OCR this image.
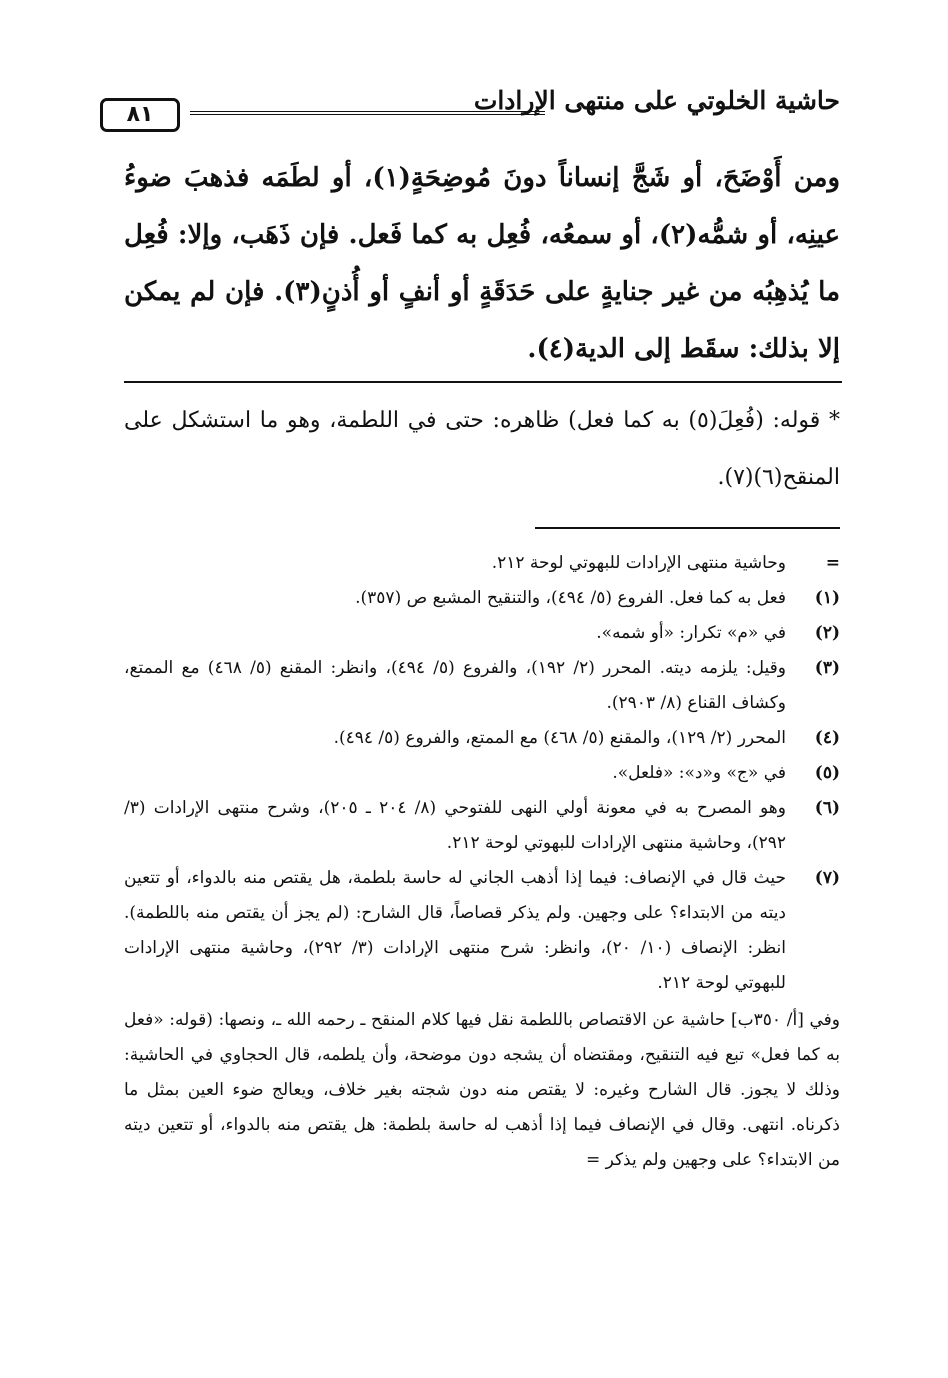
حاشية الخلوتي على منتهى الإرادات
٨١
ومن أَوْضَحَ، أو شَجَّ إنساناً دونَ مُوضِحَةٍ(١)، أو لطَمَه فذهبَ ضوءُ عينِه، أو شمُّه(٢)، أو سمعُه، فُعِل به كما فَعل. فإن ذَهَب، وإلا: فُعِل ما يُذهِبُه من غير جنايةٍ على حَدَقَةٍ أو أنفٍ أو أُذنٍ(٣). فإن لم يمكن إلا بذلك: سقَط إلى الدية(٤).
* قوله: (فُعِلَ(٥) به كما فعل) ظاهره: حتى في اللطمة، وهو ما استشكل على المنقح(٦)(٧).
=
وحاشية منتهى الإرادات للبهوتي لوحة ٢١٢.
(١)
فعل به كما فعل. الفروع (٥/ ٤٩٤)، والتنقيح المشبع ص (٣٥٧).
(٢)
في «م» تكرار: «أو شمه».
(٣)
وقيل: يلزمه ديته. المحرر (٢/ ١٩٢)، والفروع (٥/ ٤٩٤)، وانظر: المقنع (٥/ ٤٦٨) مع الممتع، وكشاف القناع (٨/ ٢٩٠٣).
(٤)
المحرر (٢/ ١٢٩)، والمقنع (٥/ ٤٦٨) مع الممتع، والفروع (٥/ ٤٩٤).
(٥)
في «ج» و«د»: «فلعل».
(٦)
وهو المصرح به في معونة أولي النهى للفتوحي (٨/ ٢٠٤ ـ ٢٠٥)، وشرح منتهى الإرادات (٣/ ٢٩٢)، وحاشية منتهى الإرادات للبهوتي لوحة ٢١٢.
(٧)
حيث قال في الإنصاف: فيما إذا أذهب الجاني له حاسة بلطمة، هل يقتص منه بالدواء، أو تتعين ديته من الابتداء؟ على وجهين. ولم يذكر قصاصاً، قال الشارح: (لم يجز أن يقتص منه باللطمة). انظر: الإنصاف (١٠/ ٢٠)، وانظر: شرح منتهى الإرادات (٣/ ٢٩٢)، وحاشية منتهى الإرادات للبهوتي لوحة ٢١٢.
وفي [أ/ ٣٥٠ب] حاشية عن الاقتصاص باللطمة نقل فيها كلام المنقح ـ رحمه الله ـ، ونصها: (قوله: «فعل به كما فعل» تبع فيه التنقيح، ومقتضاه أن يشجه دون موضحة، وأن يلطمه، قال الحجاوي في الحاشية: وذلك لا يجوز. قال الشارح وغيره: لا يقتص منه دون شجته بغير خلاف، ويعالج ضوء العين بمثل ما ذكرناه. انتهى. وقال في الإنصاف فيما إذا أذهب له حاسة بلطمة: هل يقتص منه بالدواء، أو تتعين ديته من الابتداء؟ على وجهين ولم يذكر =
